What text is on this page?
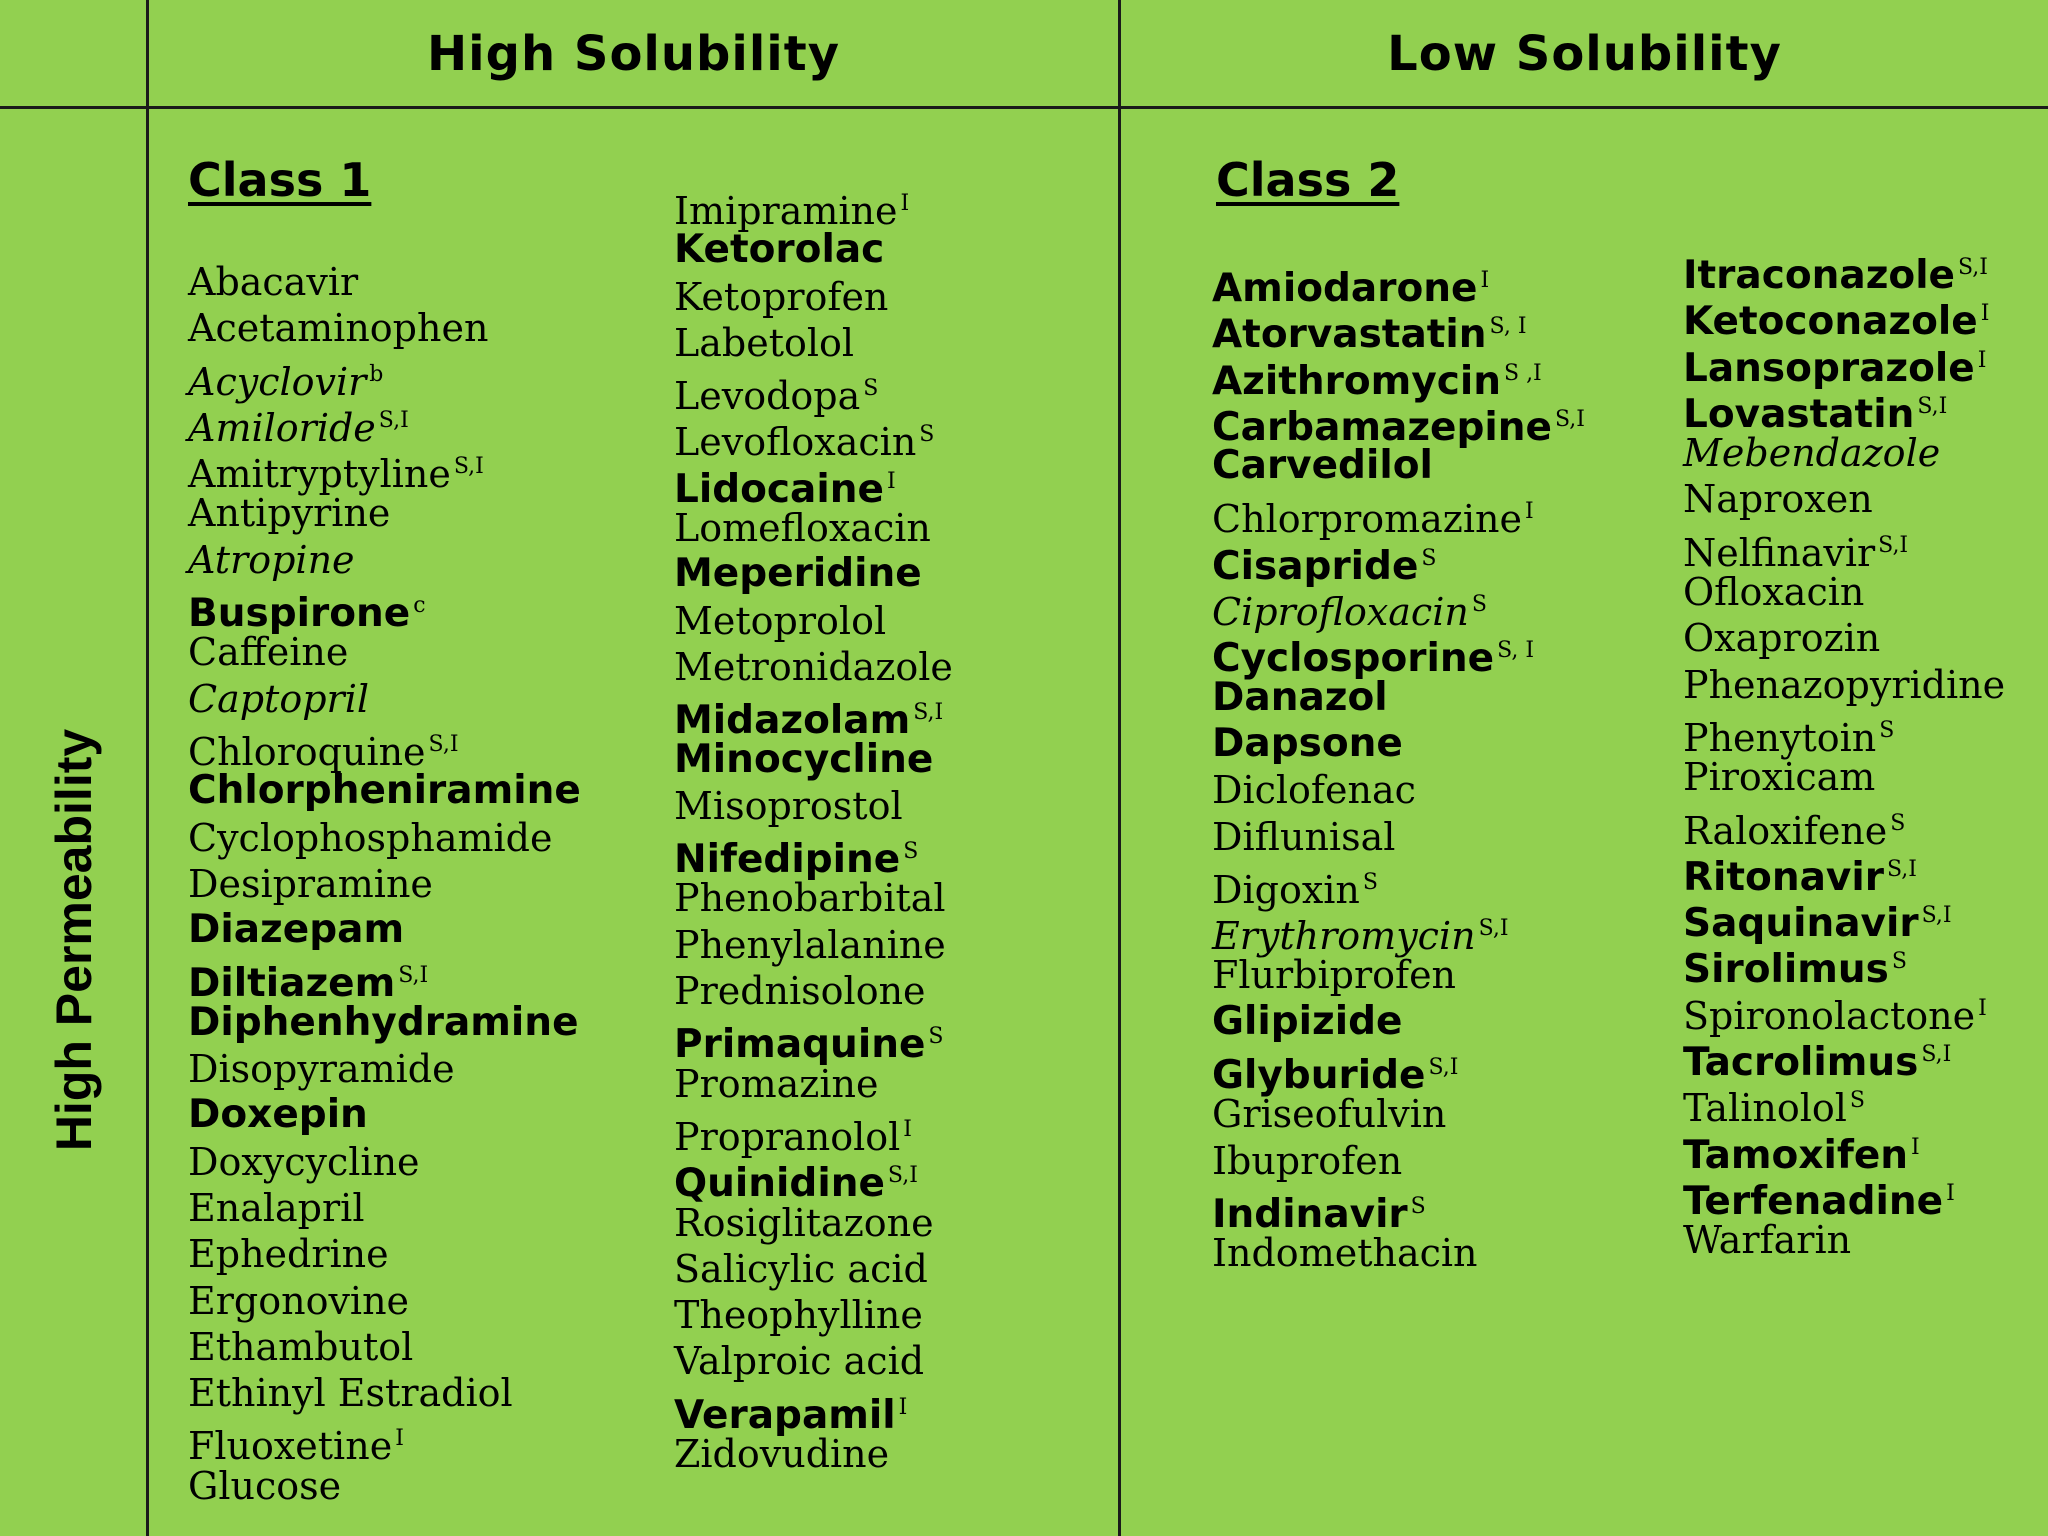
High Solubility	Low Solubility
High Permeability
Class 1
Abacavir
Acetaminophen
Acyclovir $^b$
Amiloride $^{S,I}$
Amitryptyline $^{S,I}$
Antipyrine
Atropine
Buspirone $^c$
Caffeine
Captopril
Chloroquine $^{S,I}$
Chlorpheniramine
Cyclophosphamide
Desipramine
Diazepam
Diltiazem $^{S,I}$
Diphenhydramine
Disopyramide
Doxepin
Doxycycline
Enalapril
Ephedrine
Ergonovine
Ethambutol
Ethinyl Estradiol
Fluoxetine $^I$
Glucose
Imipramine $^I$
Ketorolac
Ketoprofen
Labetolol
Levodopa $^S$
Levofloxacin $^S$
Lidocaine $^I$
Lomefloxacin
Meperidine
Metoprolol
Metronidazole
Midazolam $^{S,I}$
Minocycline
Misoprostol
Nifedipine $^S$
Phenobarbital
Phenylalanine
Prednisolone
Primaquine $^S$
Promazine
Propranolol $^I$
Quinidine $^{S,I}$
Rosiglitazone
Salicylic acid
Theophylline
Valproic acid
Verapamil $^I$
Zidovudine
Class 2
Amiodarone $^I$
Atorvastatin $^{S, I}$
Azithromycin $^{S ,I}$
Carbamazepine $^{S,I}$
Carvedilol
Chlorpromazine $^I$
Cisapride $^S$
Ciprofloxacin $^S$
Cyclosporine $^{S, I}$
Danazol
Dapsone
Diclofenac
Diflunisal
Digoxin $^S$
Erythromycin $^{S,I}$
Flurbiprofen
Glipizide
Glyburide $^{S,I}$
Griseofulvin
Ibuprofen
Indinavir $^S$
Indomethacin
Itraconazole $^{S,I}$
Ketoconazole $^I$
Lansoprazole $^I$
Lovastatin $^{S,I}$
Mebendazole
Naproxen
Nelfinavir $^{S,I}$
Ofloxacin
Oxaprozin
Phenazopyridine
Phenytoin $^S$
Piroxicam
Raloxifene $^S$
Ritonavir $^{S,I}$
Saquinavir $^{S,I}$
Sirolimus $^S$
Spironolactone $^I$
Tacrolimus $^{S,I}$
Talinolol $^S$
Tamoxifen $^I$
Terfenadine $^I$
Warfarin
